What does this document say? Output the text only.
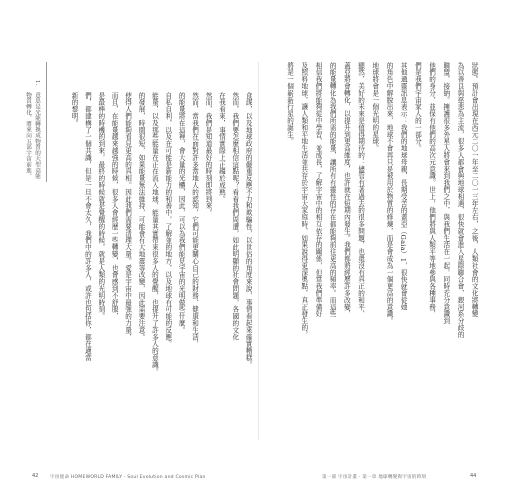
食謀，以及地球政府的嚴重反應不力和欺騙性，以世俗的角度來說，事情看起來確實糟糕。
然而，我們要怎麼相信這點呢？看看我們周遭，如此明顯的社會問題，各國的文化
在我看來，事情實際上正趨於成熟。
然而，我們是知道最好的時刻即將到來。
然而，當我們在面對許多當地人的認知，它們可能更關心自己的財務、健康和生活，
的能量將在這裡，會大量的光體，因此，可以為我們能見宇宙的光明做些什麼。
自私自利，以及在可能是新能力的和善中，了解並的地方，以及地球有可能的反應。
能量，以及那些能量在正在流入地球，能量其實帶來很多人的覺醒，也提升了許多人的意識。
的發展，時間很短，如果能量無法維持，可能會有大地震等改變，因此需要注意。
使得人們能夠看見更高的真相。因此我們需要清理大量。愛是宇宙中最強的力量，
而且，在能量越來越強的時候，很多人會經歷一些轉變，也會感到不舒服，
是最棒的時機的到來，最終的時候就是覺醒的時候，就是人類的光明時刻。
們，都建構了一個共識，但是一旦不會太久，我們中的許多人，或許也包括你，都在適當
新的黎明。
1.
意思是光能轉換成物質的大型高能
物質轉化，將來向五部宇宙前進。
42	宇宙使命 HOMEWORLD FAMILY · Soul Evolution and Cosmic Plan
狀態。預計會出現在西元二〇一年至二〇一三年左右，之後，人類社會的文化將轉變
為以善良與慈悲為主流，很多人都會與地球相遇，很快就會進入星際聯合會，銀河系分歧的
聯盟，接納。擁護很多外星人將會來到我們之中，與我們生活在一起，同時充分意識到
他們的身分，並保有他們的高次元意識。世上，他們將與人類平等地參與各種事務，
們是我們宇宙家人的一部分。
其他通靈訊息表示：我們的地球母親，長期受苦的蓋亞（Gaia）1，很快就會從她
的角色中解脫出來，地球不會再只是被用於物質的修煉，而是會成為一個更高的意識。
地球將會是一個光明的星球。
顯然，美好的未來是值得期待的：儘管有著過去的很多問題，也還沒有真正的和平，
蓋亞將會轉化，以提升到更高維度，也許就在短期內發生。我們都將經歷許多改變，
的能量轉化為我們所需的能量，讓所有有靈性的存在都能夠前往更高的頻率。而這些
相信我們將能夠從中學習，並成長，了解宇宙中的相互依存的關係，但當我們準備好
及照料地球，讓人類和平地生活並共存於宇宙大家庭時，如果說得更深奧點，真正發生的，
將是一個嶄新行星的誕生。
第一部 宇宙計畫 · 第一章 地球轉變與宇宙的時刻	44
